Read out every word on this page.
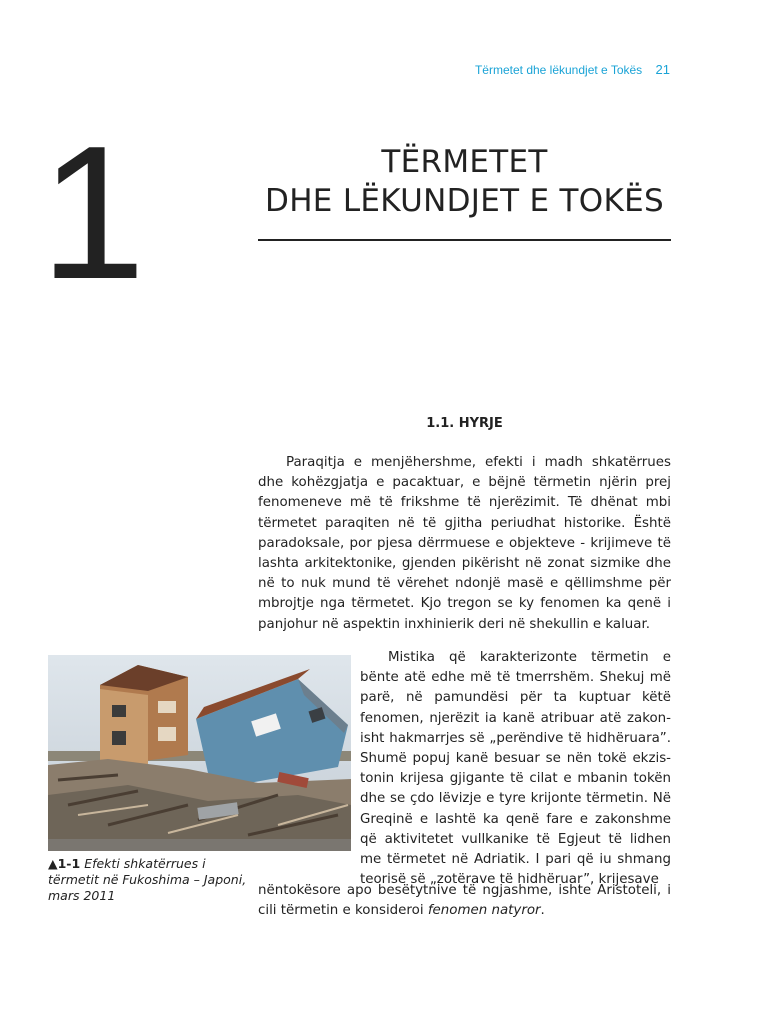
Tërmetet dhe lëkundjet e Tokës 21
1	TËRMETET
DHE LËKUNDJET E TOKËS
1.1. HYRJE

Paraqitja e menjëhershme, efekti i madh shkatërrues dhe kohëzgjatja e pacaktuar, e bëjnë tërmetin njërin prej fenomeneve më të frikshme të njerëzimit. Të dhënat mbi tërmetet paraqiten në të gjitha periudhat historike. Është paradoksale, por pjesa dërrmuese e objekteve - krijimeve të lashta arkitektonike, gjenden pikërisht në zonat sizmike dhe në to nuk mund të vërehet ndonjë masë e qëllimshme për mbrojtje nga tërmetet. Kjo tregon se ky fenomen ka qenë i panjohur në aspektin inxhinierik deri në shekullin e kaluar.

Mistika që karakterizonte tërmetin e bënte atë edhe më të tmerrshëm. Shekuj më parë, në pamundësi për ta kuptuar këtë fenomen, njerëzit ia kanë atribuar atë zakon-isht hakmarrjes së „perëndive të hidhëruara”. Shumë popuj kanë besuar se nën tokë ekzis-tonin krijesa gjigante të cilat e mbanin tokën dhe se çdo lëvizje e tyre krijonte tërmetin. Në Greqinë e lashtë ka qenë fare e zakonshme që aktivitetet vullkanike të Egjeut të lidhen me tërmetet në Adriatik. I pari që iu shmang teorisë së „zotërave të hidhëruar”, krijesave

nëntokësore apo besëtytnive të ngjashme, ishte Aristoteli, i cili tërmetin e konsideroi fenomen natyror.

▲1-1 Efekti shkatërrues i tërmetit në Fukoshima – Japoni, mars 2011
